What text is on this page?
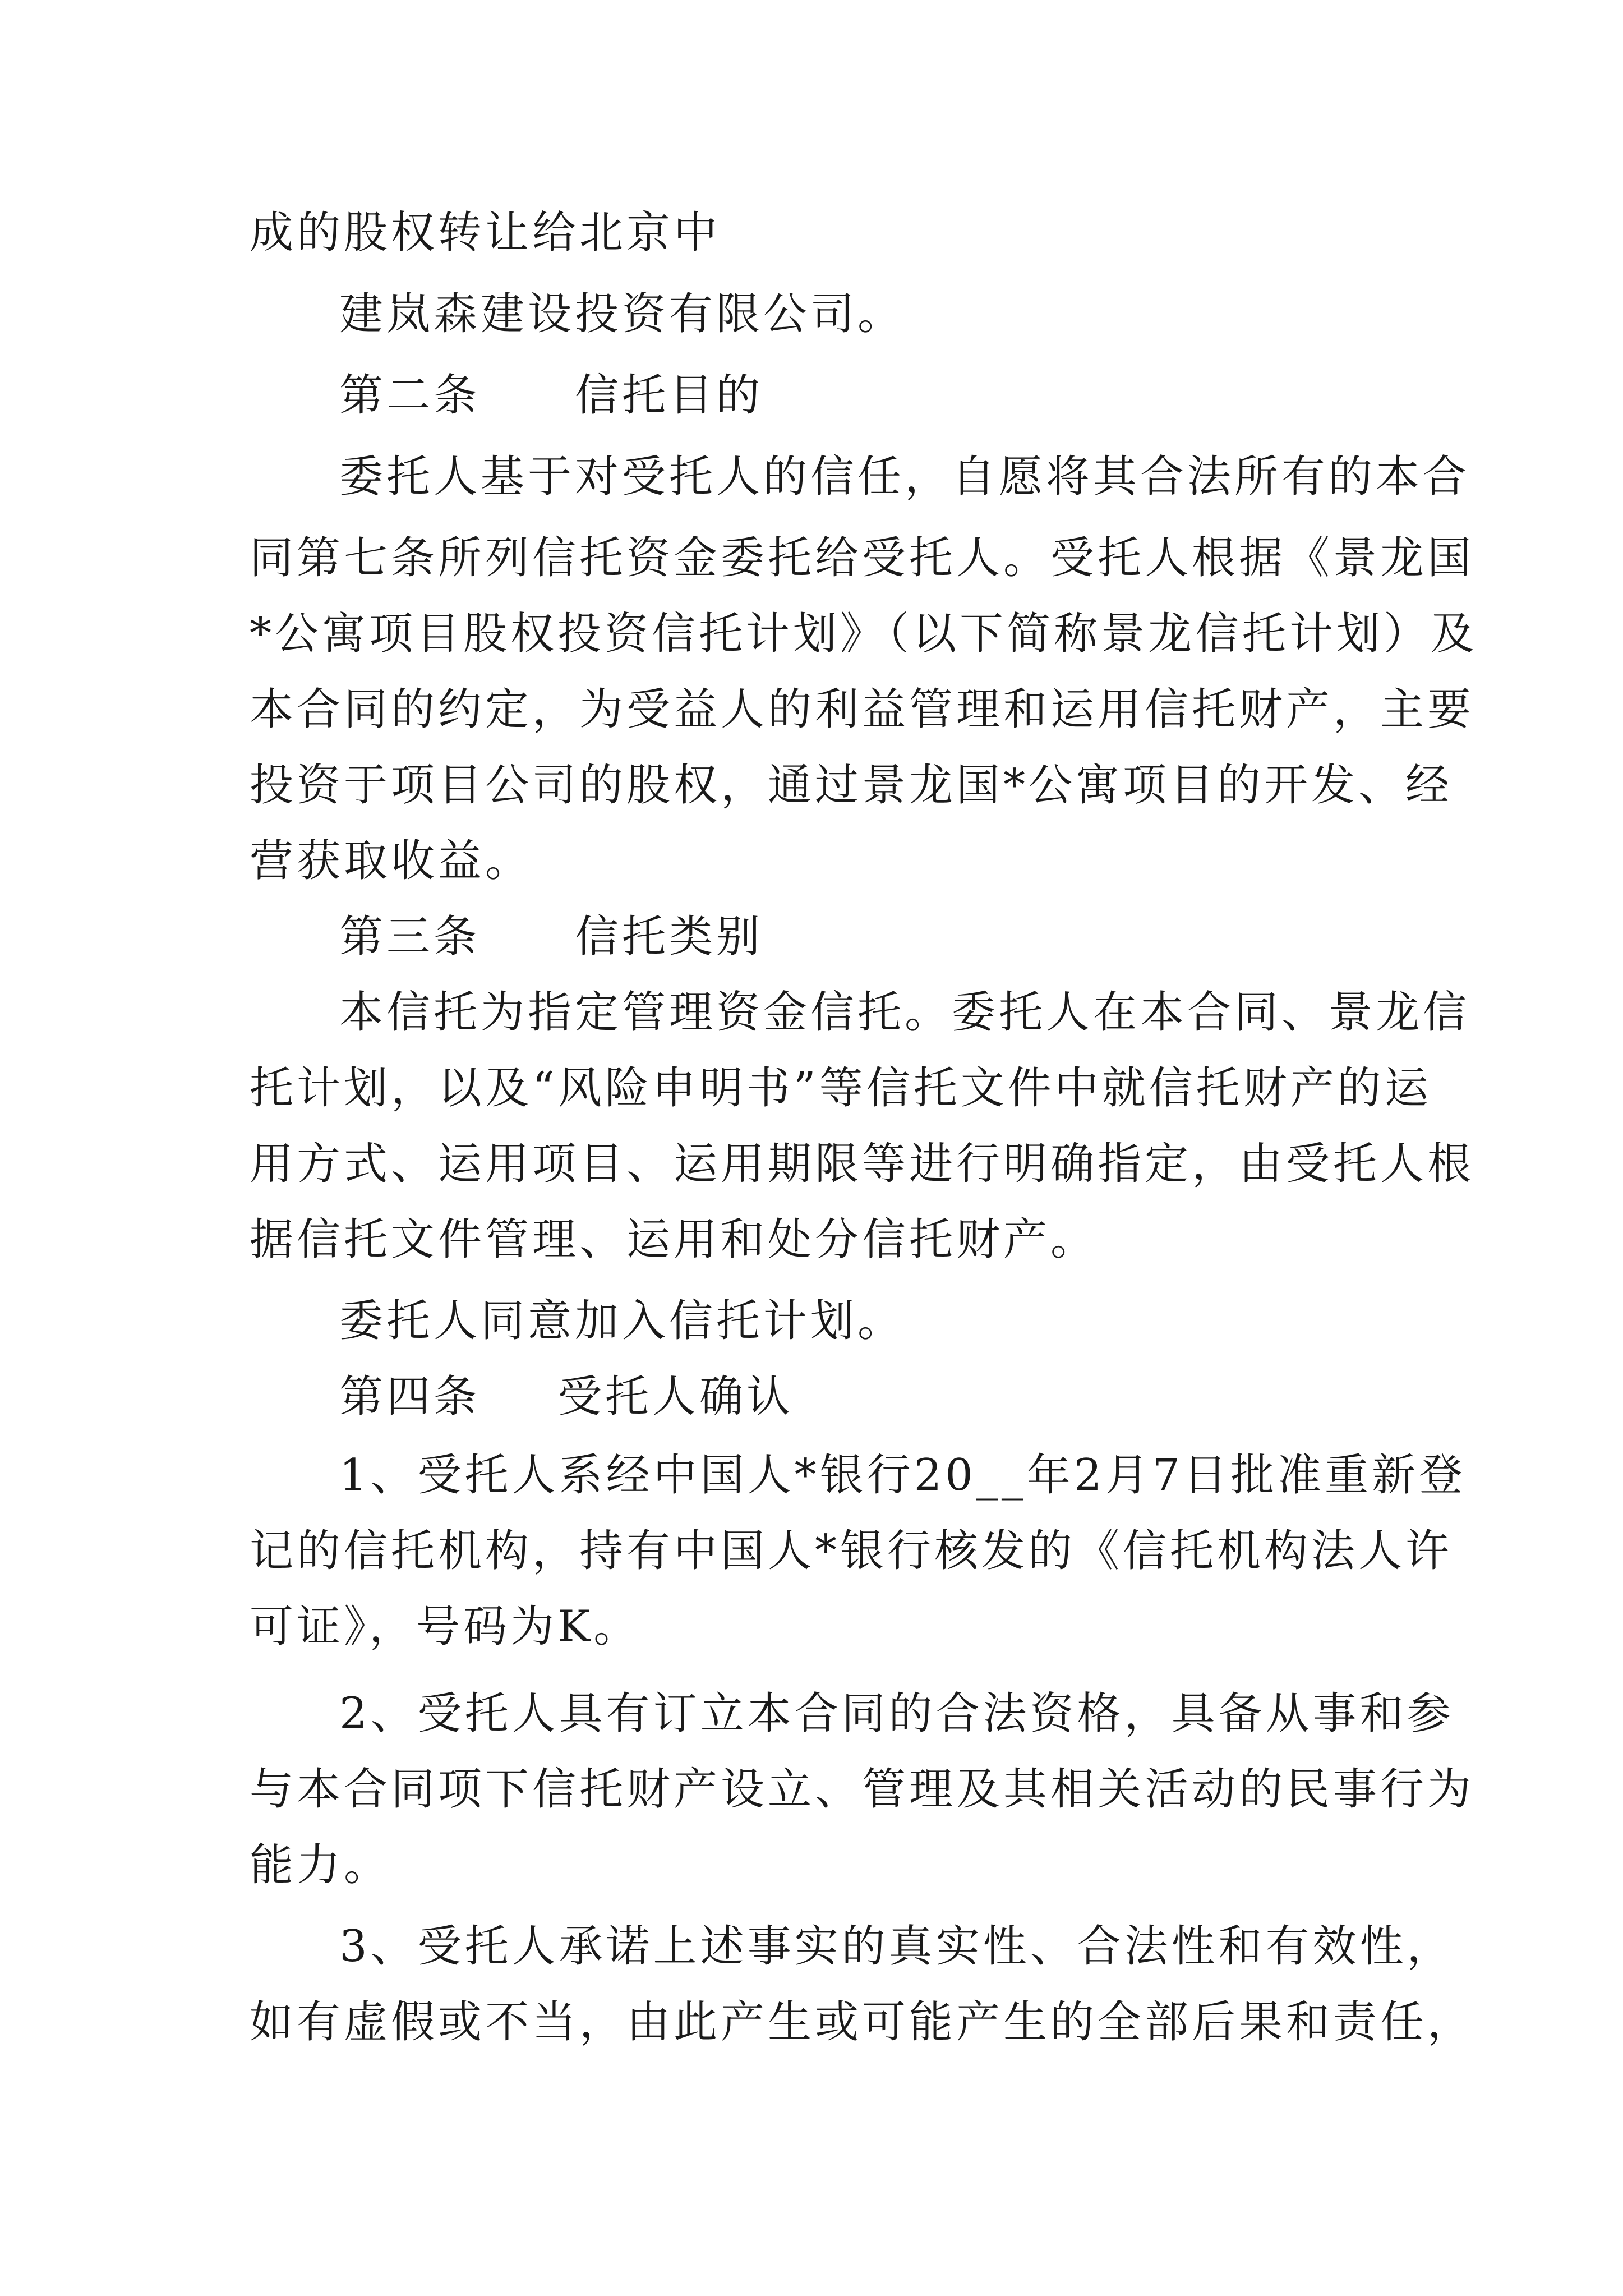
成的股权转让给北京中
建岚森建设投资有限公司。
第二条 信托目的
委托人基于对受托人的信任，自愿将其合法所有的本合
同第七条所列信托资金委托给受托人。受托人根据《景龙国
*公寓项目股权投资信托计划》（以下简称景龙信托计划）及
本合同的约定，为受益人的利益管理和运用信托财产，主要
投资于项目公司的股权，通过景龙国*公寓项目的开发、经
营获取收益。
第三条 信托类别
本信托为指定管理资金信托。委托人在本合同、景龙信
托计划，以及“风险申明书”等信托文件中就信托财产的运
用方式、运用项目、运用期限等进行明确指定，由受托人根
据信托文件管理、运用和处分信托财产。
委托人同意加入信托计划。
第四条 受托人确认
1、受托人系经中国人*银行20__年2月7日批准重新登
记的信托机构，持有中国人*银行核发的《信托机构法人许
可证》，号码为K。
2、受托人具有订立本合同的合法资格，具备从事和参
与本合同项下信托财产设立、管理及其相关活动的民事行为
能力。
3、受托人承诺上述事实的真实性、合法性和有效性，
如有虚假或不当，由此产生或可能产生的全部后果和责任，
